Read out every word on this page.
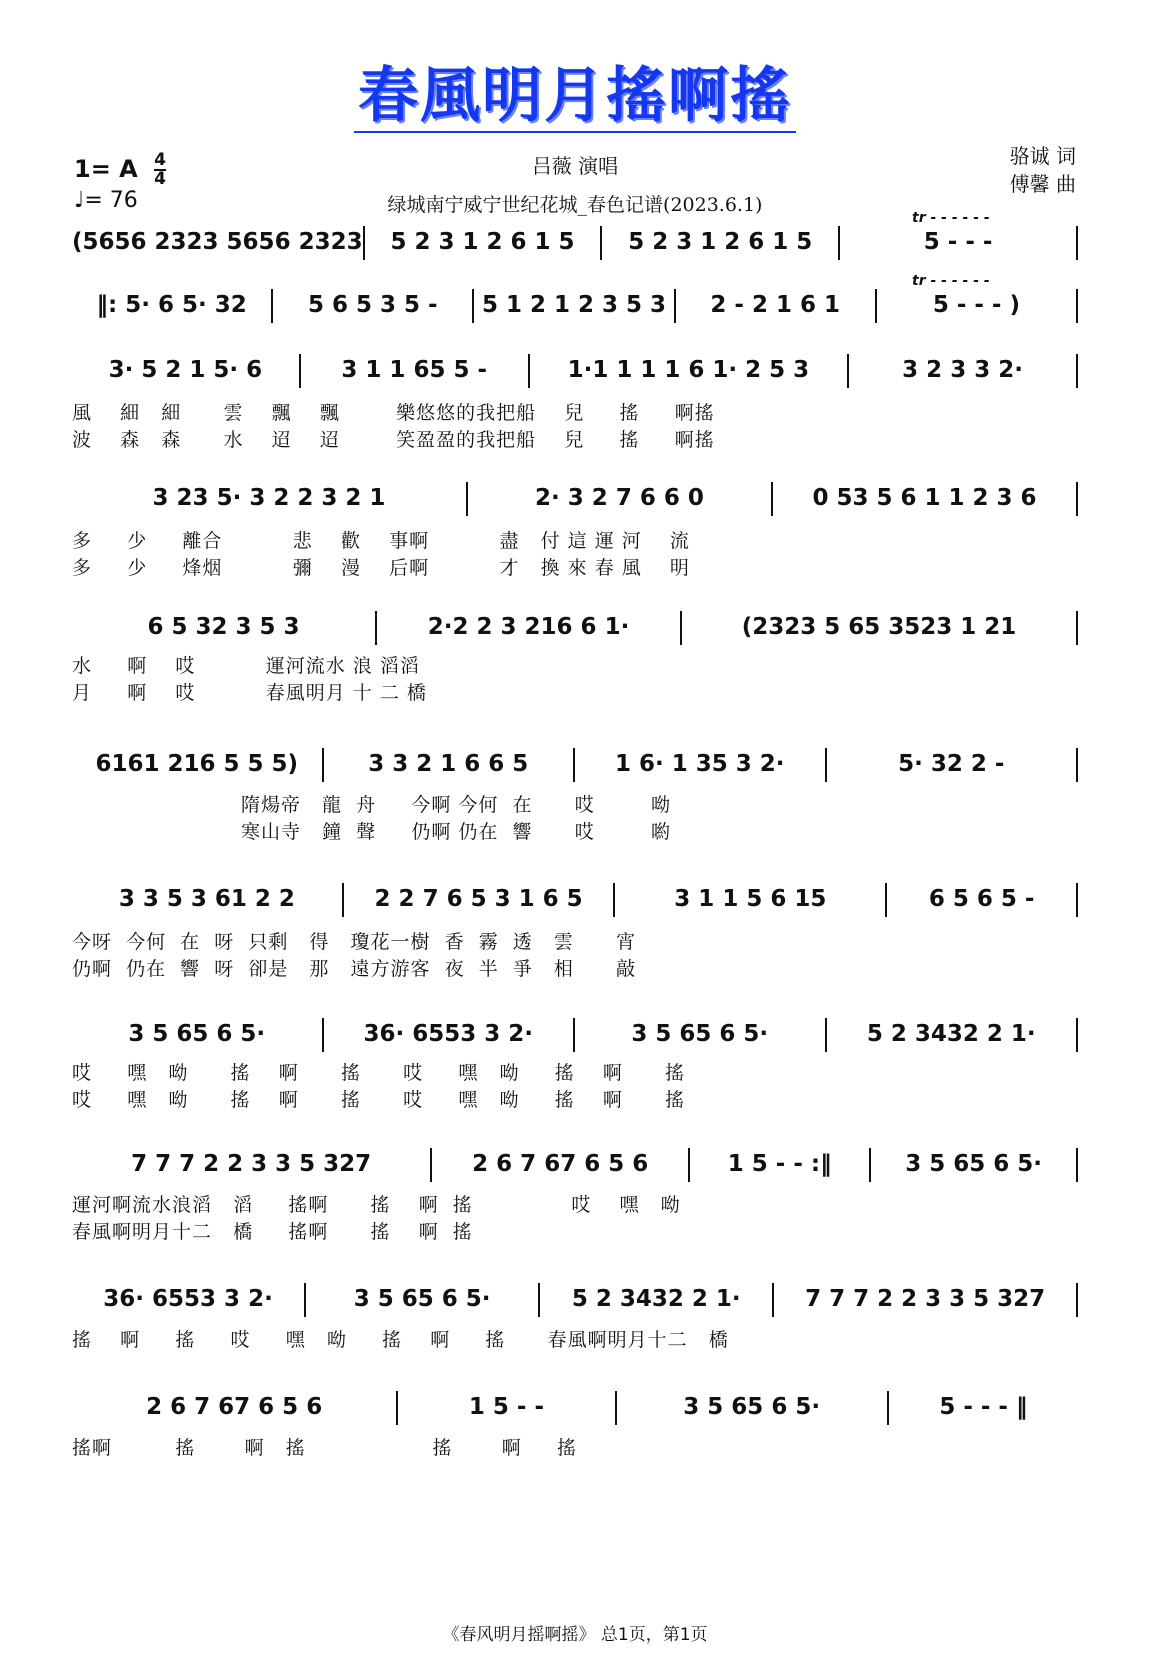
春風明月搖啊搖
1= A $\frac{4}{4}$
♩= 76
吕薇 演唱
绿城南宁威宁世纪花城_春色记谱(2023.6.1)
骆诚 词
傅馨 曲
tr - - - - - -
tr - - - - - -
(5656 2323 5656 2323 5 2 3 1 2 6 1 5 5 2 3 1 2 6 1 5	5 - - -
‖: 5· 6 5· 32	5 6 5 3 5 - 5 1 2 1 2 3 5 3 2 - 2 1 6 1	5 - - - )
3· 5 2 1 5· 6	3 1 1 65 5 -	1·1 1 1 1 6 1· 2 5 3	3 2 3 3 2·
風    細   細      雲    飄    飄        樂悠悠的我把船    兒     搖     啊搖
波    森   森      水    迢    迢        笑盈盈的我把船    兒     搖     啊搖
3 23 5· 3 2 2 3 2 1	2· 3 2 7 6 6 0	0 53 5 6 1 1 2 3 6
多     少     離合          悲    歡    事啊          盡   付 這 運 河    流
多     少     烽烟          彌    漫    后啊          才   換 來 春 風    明
6 5 32 3 5 3	2·2 2 3 216 6 1·	(2323 5 65 3523 1 21
水     啊    哎          運河流水 浪 滔滔
月     啊    哎          春風明月 十 二 橋
6161 216 5 5 5)	3 3 2 1 6 6 5	1 6· 1 35 3 2·	5· 32 2 -
隋煬帝   龍  舟     今啊 今何  在      哎        呦
寒山寺   鐘  聲     仍啊 仍在  響      哎        喲
3 3 5 3 61 2 2	2 2 7 6 5 3 1 6 5	3 1 1 5 6 15	6 5 6 5 -
今呀  今何  在  呀  只剩   得   瓊花一樹  香  霧  透   雲      宵
仍啊  仍在  響  呀  卻是   那   遠方游客  夜  半  爭   相      敲
3 5 65 6 5·	36· 6553 3 2·	3 5 65 6 5·	5 2 3432 2 1·
哎     嘿   呦      搖    啊      搖      哎     嘿   呦     搖    啊      搖
哎     嘿   呦      搖    啊      搖      哎     嘿   呦     搖    啊      搖
7 7 7 2 2 3 3 5 327	2 6 7 67 6 5 6	1 5 - - :‖	3 5 65 6 5·
運河啊流水浪滔   滔     搖啊      搖    啊  搖              哎    嘿   呦
春風啊明月十二   橋     搖啊      搖    啊  搖
36· 6553 3 2·	3 5 65 6 5·	5 2 3432 2 1·	7 7 7 2 2 3 3 5 327
搖    啊     搖     哎     嘿   呦     搖    啊     搖      春風啊明月十二   橋
2 6 7 67 6 5 6	1 5 - -	3 5 65 6 5·	5 - - - ‖
搖啊         搖       啊   搖                  搖       啊     搖
《春风明月摇啊摇》 总1页，第1页
